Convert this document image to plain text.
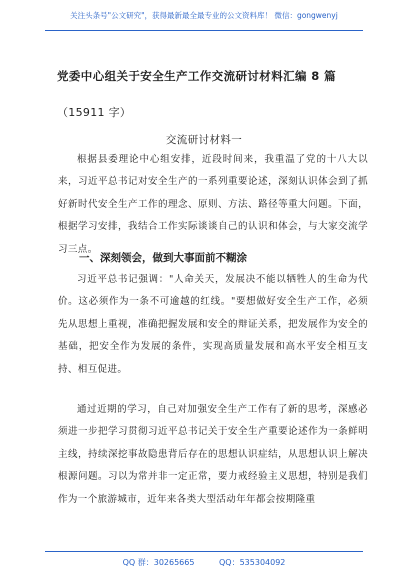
关注头条号"公文研究"，获得最新最全最专业的公文资料库！ 微信：gongwenyj
党委中心组关于安全生产工作交流研讨材料汇编 8 篇
（15911 字）
交流研讨材料一
根据县委理论中心组安排，近段时间来，我重温了党的十八大以来，习近平总书记对安全生产的一系列重要论述，深刻认识体会到了抓好新时代安全生产工作的理念、原则、方法、路径等重大问题。下面，根据学习安排，我结合工作实际谈谈自己的认识和体会，与大家交流学习三点。
一、深刻领会，做到大事面前不糊涂
习近平总书记强调："人命关天，发展决不能以牺牲人的生命为代价。这必须作为一条不可逾越的红线。"要想做好安全生产工作，必须先从思想上重视，准确把握发展和安全的辩证关系，把发展作为安全的基础，把安全作为发展的条件，实现高质量发展和高水平安全相互支持、相互促进。
通过近期的学习，自己对加强安全生产工作有了新的思考，深感必须进一步把学习贯彻习近平总书记关于安全生产重要论述作为一条鲜明主线，持续深挖事故隐患背后存在的思想认识症结，从思想认识上解决根源问题。习以为常并非一定正常，要力戒经验主义思想，特别是我们作为一个旅游城市，近年来各类大型活动年年都会按期隆重
QQ 群：30265665	QQ：535304092
